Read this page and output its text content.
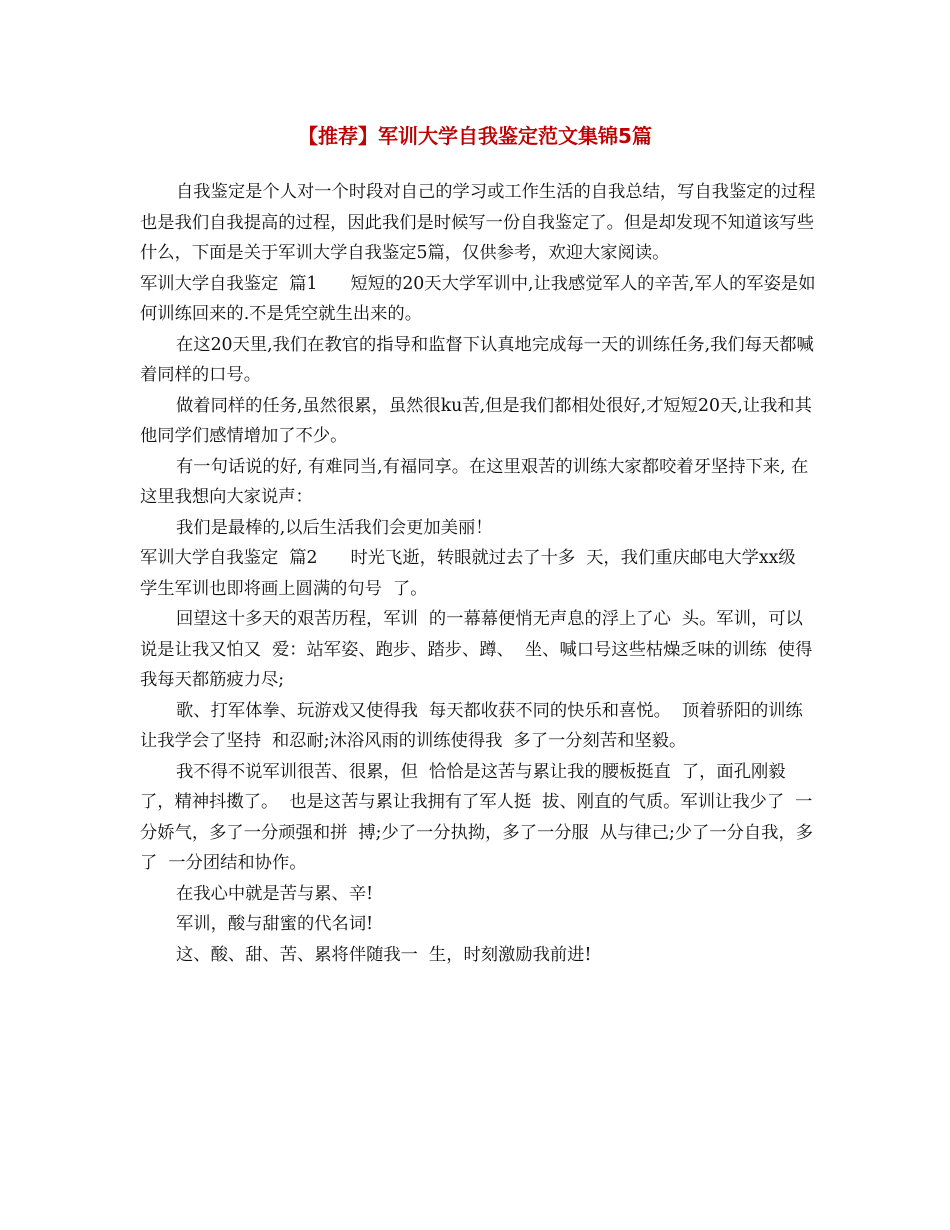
【推荐】军训大学自我鉴定范文集锦5篇

自我鉴定是个人对一个时段对自己的学习或工作生活的自我总结，写自我鉴定的过程也是我们自我提高的过程，因此我们是时候写一份自我鉴定了。但是却发现不知道该写些什么，下面是关于军训大学自我鉴定5篇，仅供参考，欢迎大家阅读。

军训大学自我鉴定  篇1      短短的20天大学军训中,让我感觉军人的辛苦,军人的军姿是如何训练回来的.不是凭空就生出来的。

在这20天里,我们在教官的指导和监督下认真地完成每一天的训练任务,我们每天都喊着同样的口号。

做着同样的任务,虽然很累，虽然很ku苦,但是我们都相处很好,才短短20天,让我和其他同学们感情增加了不少。

有一句话说的好, 有难同当,有福同享。在这里艰苦的训练大家都咬着牙坚持下来, 在这里我想向大家说声：

我们是最棒的,以后生活我们会更加美丽！

军训大学自我鉴定  篇2      时光飞逝，转眼就过去了十多  天，我们重庆邮电大学xx级  学生军训也即将画上圆满的句号  了。

回望这十多天的艰苦历程，军训  的一幕幕便悄无声息的浮上了心  头。军训，可以说是让我又怕又  爱：站军姿、跑步、踏步、蹲、  坐、喊口号这些枯燥乏味的训练  使得我每天都筋疲力尽;

歌、打军体拳、玩游戏又使得我  每天都收获不同的快乐和喜悦。  顶着骄阳的训练让我学会了坚持  和忍耐;沐浴风雨的训练使得我  多了一分刻苦和坚毅。

我不得不说军训很苦、很累，但  恰恰是这苦与累让我的腰板挺直  了，面孔刚毅了，精神抖擞了。  也是这苦与累让我拥有了军人挺  拔、刚直的气质。军训让我少了  一分娇气，多了一分顽强和拼  搏;少了一分执拗，多了一分服  从与律己;少了一分自我，多了  一分团结和协作。

在我心中就是苦与累、辛!

军训，酸与甜蜜的代名词!

这、酸、甜、苦、累将伴随我一  生，时刻激励我前进!
